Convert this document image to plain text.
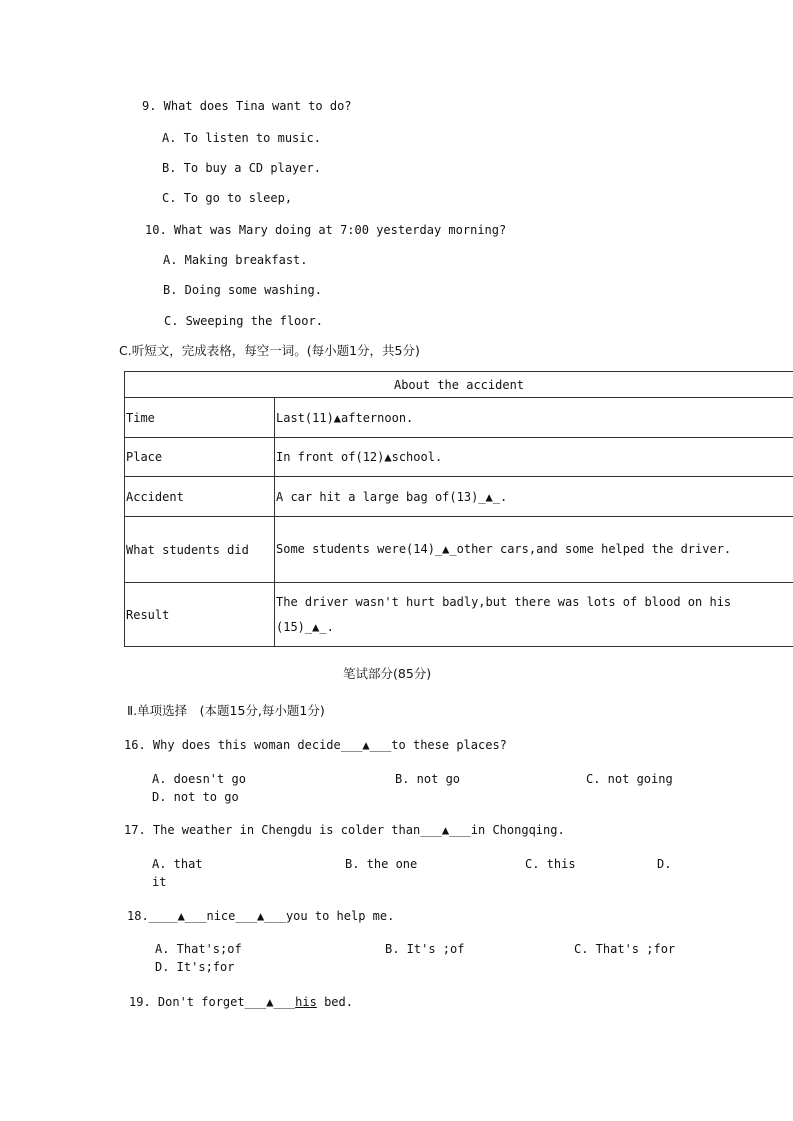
9. What does Tina want to do?
A. To listen to music.
B. To buy a CD player.
C. To go to sleep,
10. What was Mary doing at 7:00 yesterday morning?
A. Making breakfast.
B. Doing some washing.
C. Sweeping the floor.
C.听短文，完成表格，每空一词。(每小题1分，共5分)
About the accident	
Time	Last(11)▲afternoon.
Place	In front of(12)▲school.
Accident	A car hit a large bag of(13)_▲_.
What students did	Some students were(14)_▲_other cars,and some helped the driver.
Result	The driver wasn't hurt badly,but there was lots of blood on his (15)_▲_.
笔试部分(85分)
Ⅱ.单项选择　(本题15分,每小题1分)
16. Why does this woman decide___▲___to these places?
A. doesn't go	B. not go	C. not going
D. not to go
17. The weather in Chengdu is colder than___▲___in Chongqing.
A. that	B. the one	C. this	D.
it
18.____▲___nice___▲___you to help me.
A. That's;of	B. It's ;of	C. That's ;for
D. It's;for
19. Don't forget___▲___his bed.
